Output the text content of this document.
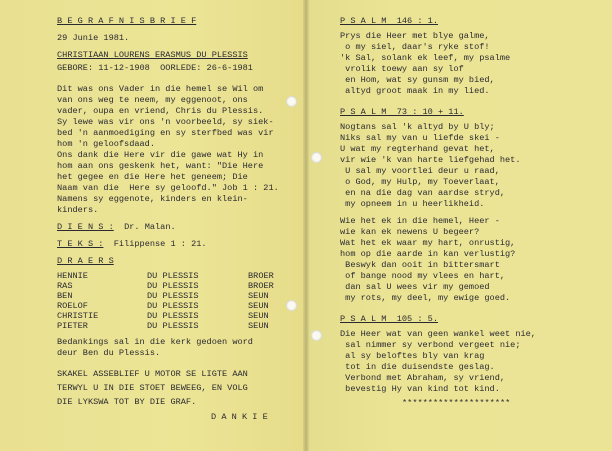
B E G R A F N I S B R I E F
29 Junie 1981.
CHRISTIAAN LOURENS ERASMUS DU PLESSIS
GEBORE: 11-12-1908  OORLEDE: 26-6-1981
Dit was ons Vader in die hemel se Wil om
van ons weg te neem, my eggenoot, ons
vader, oupa en vriend, Chris du Plessis.
Sy lewe was vir ons 'n voorbeeld, sy siek-
bed 'n aanmoediging en sy sterfbed was vir
hom 'n geloofsdaad.
Ons dank die Here vir die gawe wat Hy in
hom aan ons geskenk het, want: "Die Here
het gegee en die Here het geneem; Die
Naam van die  Here sy geloofd." Job 1 : 21.
Namens sy eggenote, kinders en klein-
kinders.
D I E N S : Dr. Malan.
T E K S : Filippense 1 : 21.
D R A E R S
HENNIE	DU PLESSIS	BROER
RAS	DU PLESSIS	BROER
BEN	DU PLESSIS	SEUN
ROELOF	DU PLESSIS	SEUN
CHRISTIE	DU PLESSIS	SEUN
PIETER	DU PLESSIS	SEUN
Bedankings sal in die kerk gedoen word
deur Ben du Plessis.
SKAKEL ASSEBLIEF U MOTOR SE LIGTE AAN
TERWYL U IN DIE STOET BEWEEG, EN VOLG
DIE LYKSWA TOT BY DIE GRAF.
D A N K I E
P S A L M  146 : 1.
Prys die Heer met blye galme,
o my siel, daar's ryke stof!
'k Sal, solank ek leef, my psalme
vrolik toewy aan sy lof
en Hom, wat sy gunsm my bied,
altyd groot maak in my lied.
P S A L M  73 : 10 + 11.
Nogtans sal 'k altyd by U bly;
Niks sal my van u liefde skei -
U wat my regterhand gevat het,
vir wie 'k van harte liefgehad het.
U sal my voortlei deur u raad,
o God, my Hulp, my Toeverlaat,
en na die dag van aardse stryd,
my opneem in u heerlikheid.
Wie het ek in die hemel, Heer -
wie kan ek newens U begeer?
Wat het ek waar my hart, onrustig,
hom op die aarde in kan verlustig?
Beswyk dan ooit in bittersmart
of bange nood my vlees en hart,
dan sal U wees vir my gemoed
my rots, my deel, my ewige goed.
P S A L M  105 : 5.
Die Heer wat van geen wankel weet nie,
sal nimmer sy verbond vergeet nie;
al sy beloftes bly van krag
tot in die duisendste geslag.
Verbond met Abraham, sy vriend,
bevestig Hy van kind tot kind.
*********************
